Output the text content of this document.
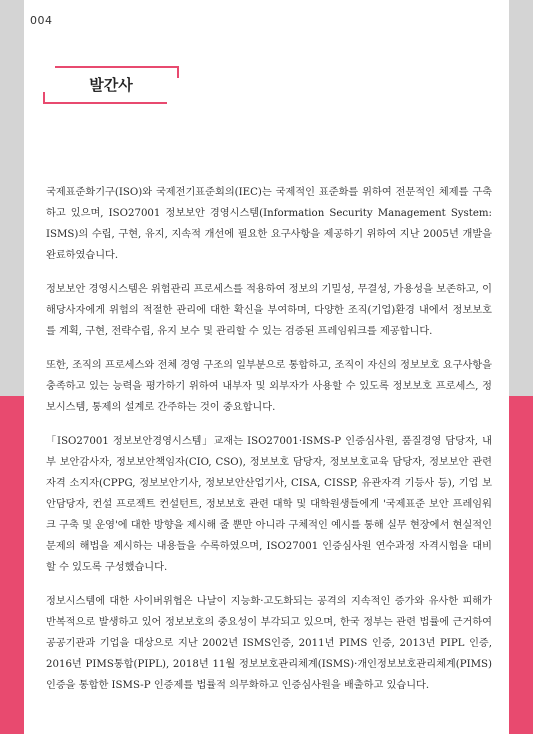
004
발간사

국제표준화기구(ISO)와 국제전기표준회의(IEC)는 국제적인 표준화를 위하여 전문적인 체제를 구축하고 있으며, ISO27001 정보보안 경영시스템(Information Security Management System: ISMS)의 수립, 구현, 유지, 지속적 개선에 필요한 요구사항을 제공하기 위하여 지난 2005년 개발을 완료하였습니다.

정보보안 경영시스템은 위험관리 프로세스를 적용하여 정보의 기밀성, 무결성, 가용성을 보존하고, 이해당사자에게 위험의 적절한 관리에 대한 확신을 부여하며, 다양한 조직(기업)환경 내에서 정보보호를 계획, 구현, 전략수립, 유지 보수 및 관리할 수 있는 검증된 프레임워크를 제공합니다.

또한, 조직의 프로세스와 전체 경영 구조의 일부분으로 통합하고, 조직이 자신의 정보보호 요구사항을 충족하고 있는 능력을 평가하기 위하여 내부자 및 외부자가 사용할 수 있도록 정보보호 프로세스, 정보시스템, 통제의 설계로 간주하는 것이 중요합니다.

「ISO27001 정보보안경영시스템」교재는 ISO27001·ISMS-P 인증심사원, 품질경영 담당자, 내부 보안감사자, 정보보안책임자(CIO, CSO), 정보보호 담당자, 정보보호교육 담당자, 정보보안 관련자격 소지자(CPPG, 정보보안기사, 정보보안산업기사, CISA, CISSP, 유관자격 기등사 등), 기업 보안담당자, 컨설 프로젝트 컨설턴트, 정보보호 관련 대학 및 대학원생들에게 '국제표준 보안 프레임워크 구축 및 운영'에 대한 방향을 제시해 줄 뿐만 아니라 구체적인 예시를 통해 실무 현장에서 현실적인 문제의 해법을 제시하는 내용들을 수록하였으며, ISO27001 인증심사원 연수과정 자격시험을 대비할 수 있도록 구성했습니다.

정보시스템에 대한 사이버위협은 나날이 지능화·고도화되는 공격의 지속적인 증가와 유사한 피해가 반복적으로 발생하고 있어 정보보호의 중요성이 부각되고 있으며, 한국 정부는 관련 법률에 근거하여 공공기관과 기업을 대상으로 지난 2002년 ISMS인증, 2011년 PIMS 인증, 2013년 PIPL 인증, 2016년 PIMS통합(PIPL), 2018년 11월 정보보호관리체계(ISMS)·개인정보보호관리체계(PIMS) 인증을 통합한 ISMS-P 인증제를 법률적 의무화하고 인증심사원을 배출하고 있습니다.
